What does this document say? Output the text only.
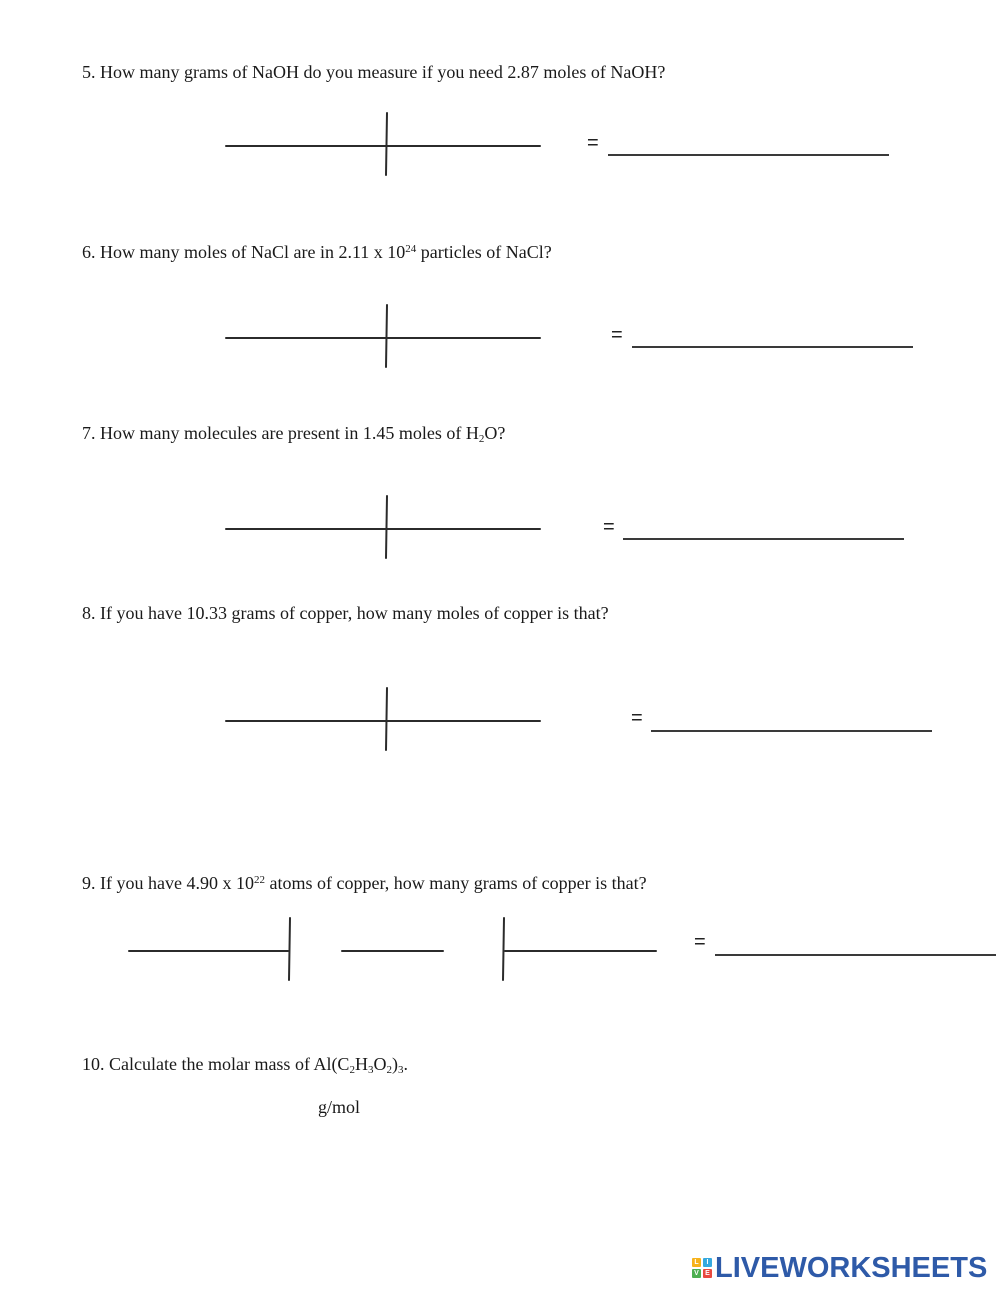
5. How many grams of NaOH do you measure if you need 2.87 moles of NaOH?
6. How many moles of NaCl are in 2.11 x $10^{24}$ particles of NaCl?
7. How many molecules are present in 1.45 moles of $H_2O$?
8. If you have 10.33 grams of copper, how many moles of copper is that?
9. If you have 4.90 x $10^{22}$ atoms of copper, how many grams of copper is that?
10. Calculate the molar mass of $Al(C_2H_3O_2)_3$.
=
=
=
=
=
g/mol
L	I
V E LIVEWORKSHEETS
